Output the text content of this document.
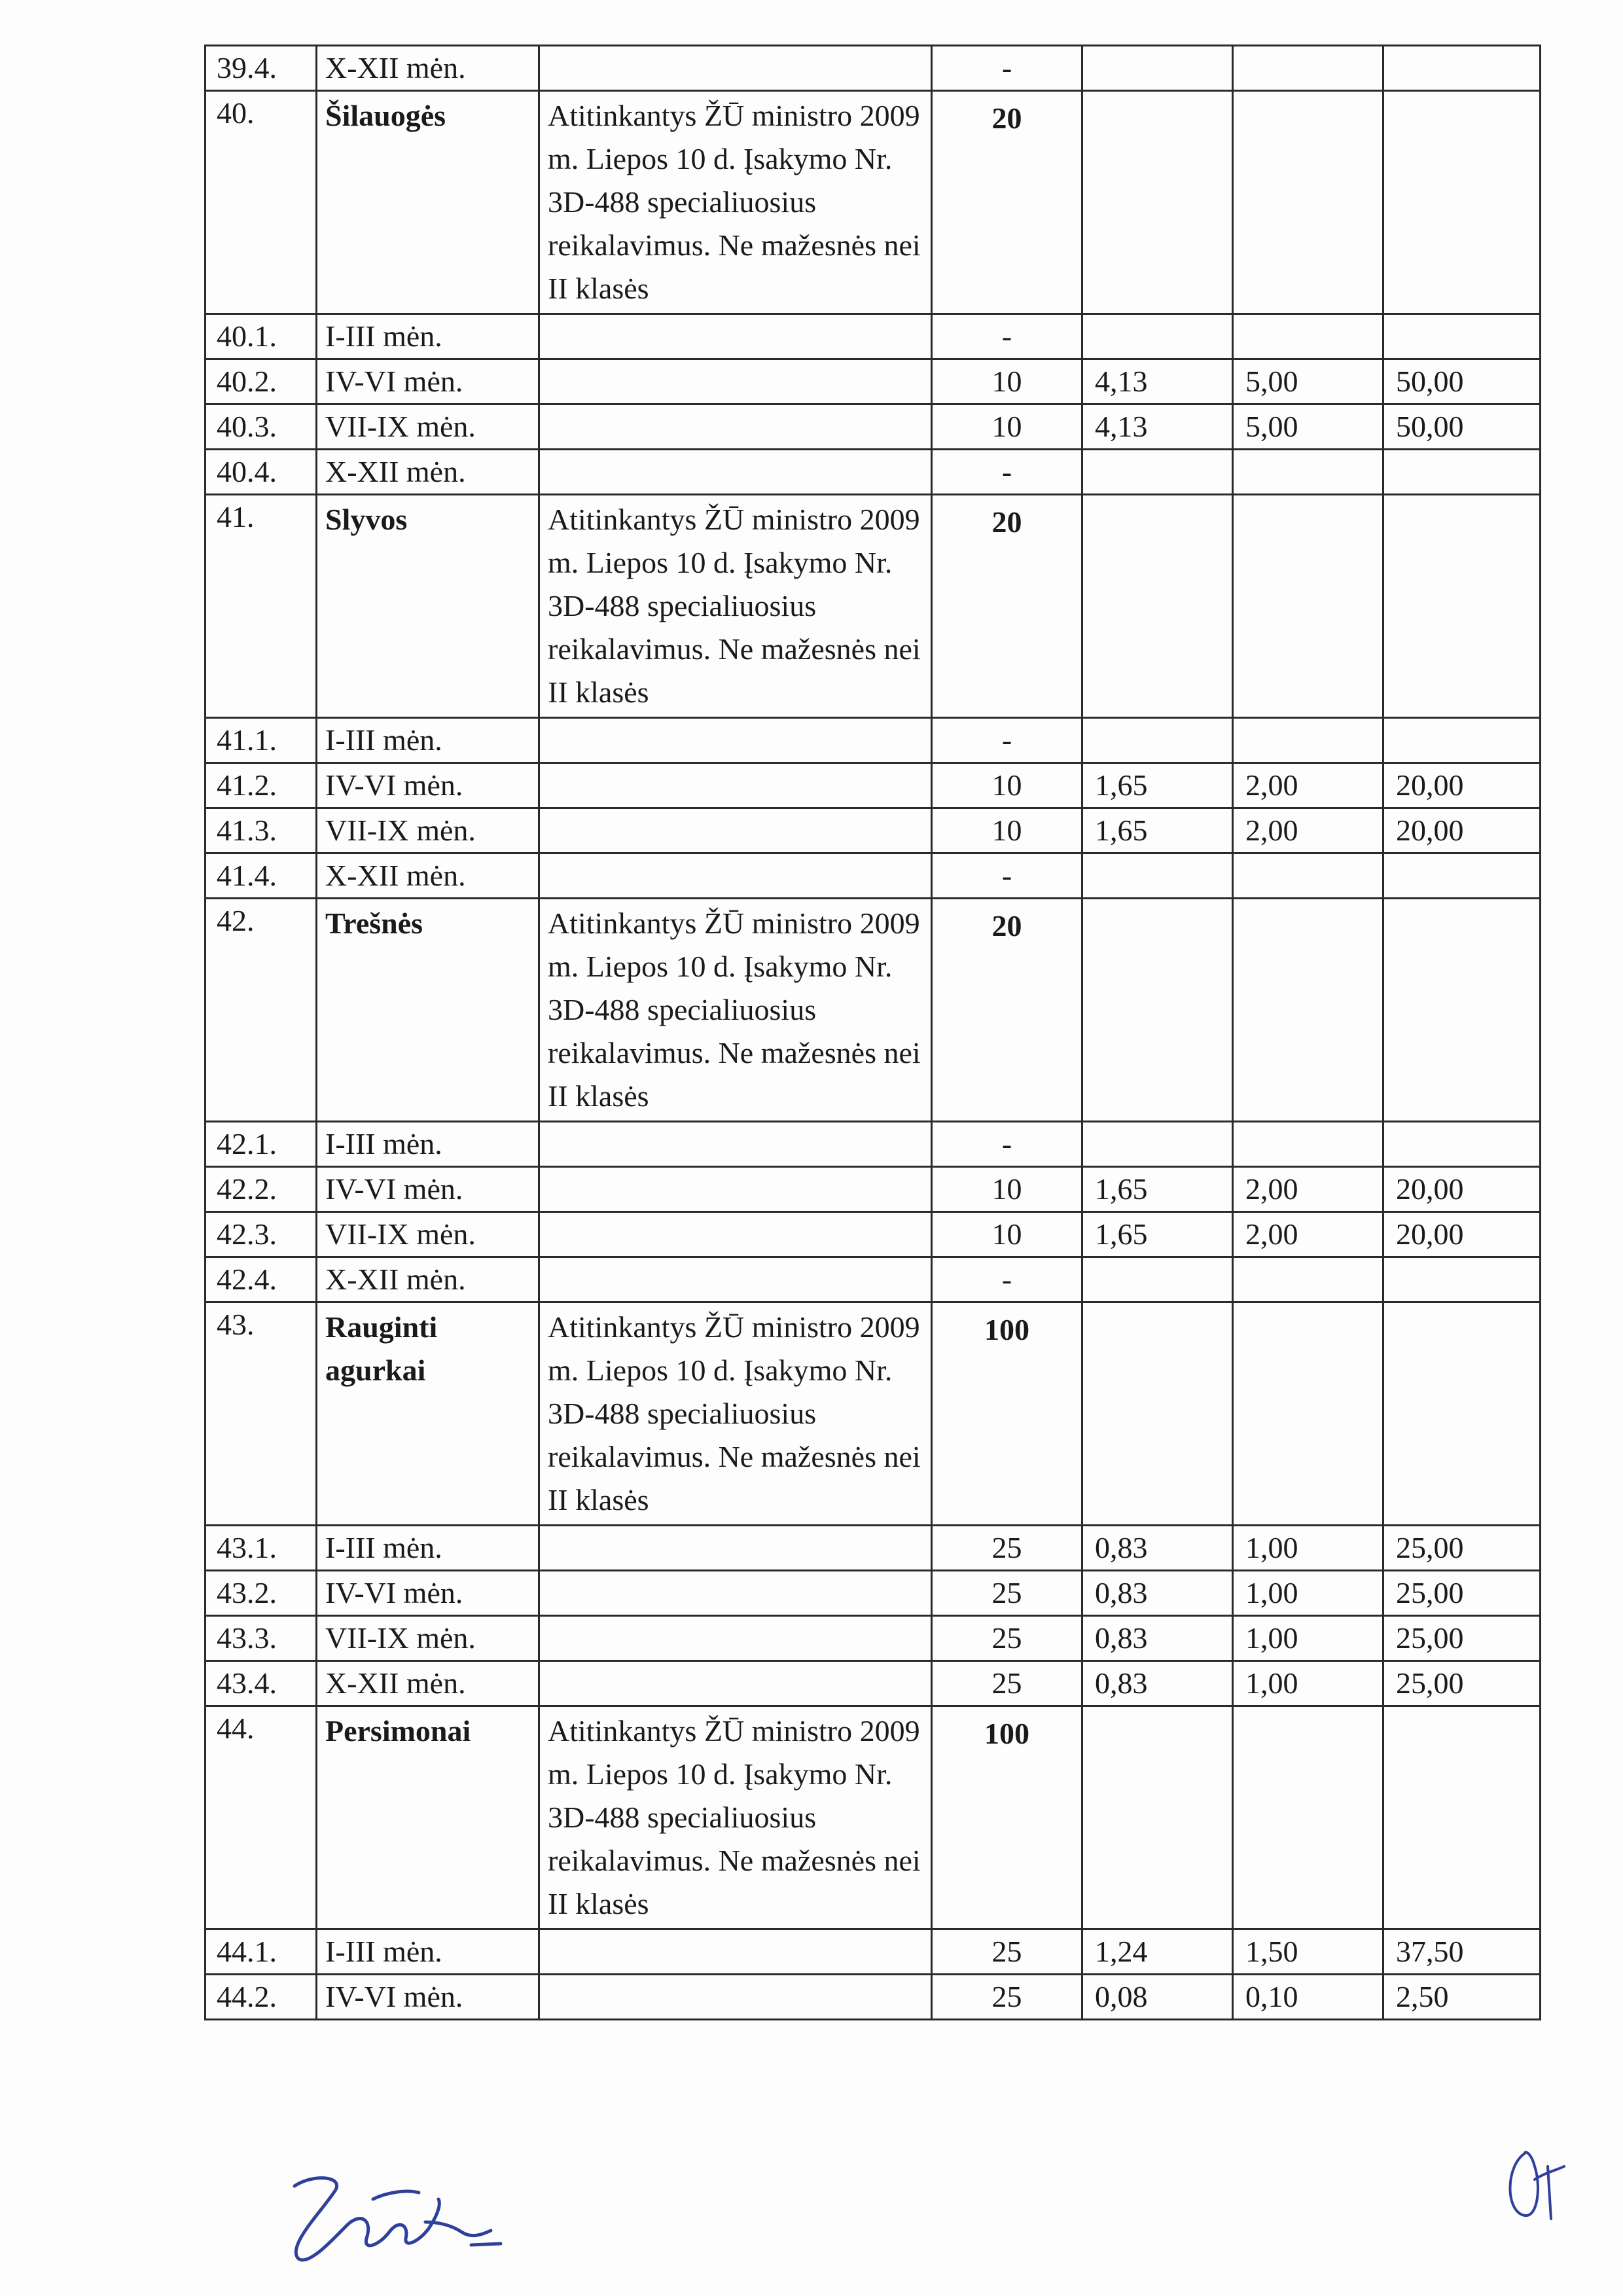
39.4.	X-XII mėn.		-			
40.	Šilauogės	Atitinkantys ŽŪ ministro 2009 m. Liepos 10 d. Įsakymo Nr. 3D-488 specialiuosius reikalavimus. Ne mažesnės nei II klasės	20			
40.1.	I-III mėn.		-			
40.2.	IV-VI mėn.		10	4,13	5,00	50,00
40.3.	VII-IX mėn.		10	4,13	5,00	50,00
40.4.	X-XII mėn.		-			
41.	Slyvos	Atitinkantys ŽŪ ministro 2009 m. Liepos 10 d. Įsakymo Nr. 3D-488 specialiuosius reikalavimus. Ne mažesnės nei II klasės	20			
41.1.	I-III mėn.		-			
41.2.	IV-VI mėn.		10	1,65	2,00	20,00
41.3.	VII-IX mėn.		10	1,65	2,00	20,00
41.4.	X-XII mėn.		-			
42.	Trešnės	Atitinkantys ŽŪ ministro 2009 m. Liepos 10 d. Įsakymo Nr. 3D-488 specialiuosius reikalavimus. Ne mažesnės nei II klasės	20			
42.1.	I-III mėn.		-			
42.2.	IV-VI mėn.		10	1,65	2,00	20,00
42.3.	VII-IX mėn.		10	1,65	2,00	20,00
42.4.	X-XII mėn.		-			
43.	Rauginti agurkai	Atitinkantys ŽŪ ministro 2009 m. Liepos 10 d. Įsakymo Nr. 3D-488 specialiuosius reikalavimus. Ne mažesnės nei II klasės	100			
43.1.	I-III mėn.		25	0,83	1,00	25,00
43.2.	IV-VI mėn.		25	0,83	1,00	25,00
43.3.	VII-IX mėn.		25	0,83	1,00	25,00
43.4.	X-XII mėn.		25	0,83	1,00	25,00
44.	Persimonai	Atitinkantys ŽŪ ministro 2009 m. Liepos 10 d. Įsakymo Nr. 3D-488 specialiuosius reikalavimus. Ne mažesnės nei II klasės	100			
44.1.	I-III mėn.		25	1,24	1,50	37,50
44.2.	IV-VI mėn.		25	0,08	0,10	2,50
